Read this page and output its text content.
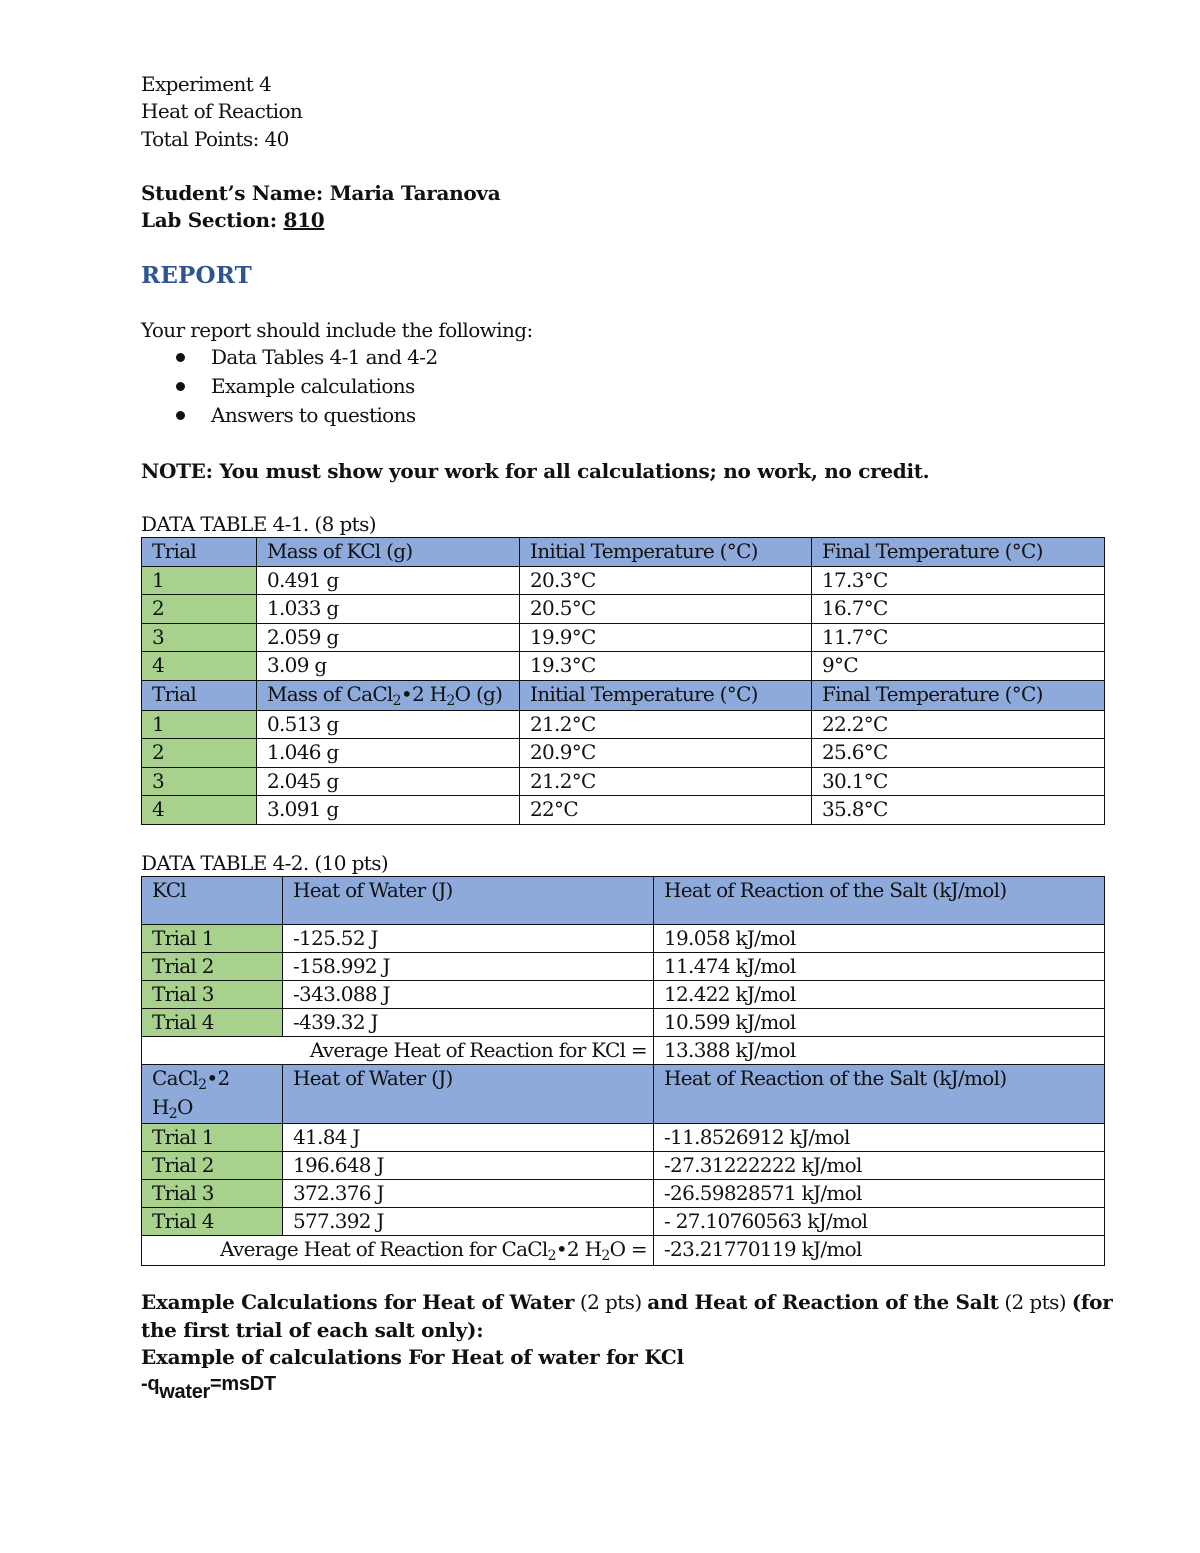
Experiment 4
Heat of Reaction
Total Points: 40
Student’s Name: Maria Taranova
Lab Section: 810
REPORT
Your report should include the following:
Data Tables 4-1 and 4-2
Example calculations
Answers to questions
NOTE: You must show your work for all calculations; no work, no credit.
DATA TABLE 4-1. (8 pts)
Trial	Mass of KCl (g)	Initial Temperature (°C)	Final Temperature (°C)
1	0.491 g	20.3°C	17.3°C
2	1.033 g	20.5°C	16.7°C
3	2.059 g	19.9°C	11.7°C
4	3.09 g	19.3°C	9°C
Trial	Mass of CaCl$_2$•2 $H_2O$ (g)	Initial Temperature (°C)	Final Temperature (°C)
1	0.513 g	21.2°C	22.2°C
2	1.046 g	20.9°C	25.6°C
3	2.045 g	21.2°C	30.1°C
4	3.091 g	22°C	35.8°C
DATA TABLE 4-2. (10 pts)
KCl	Heat of Water (J)	Heat of Reaction of the Salt (kJ/mol)
Trial 1	-125.52 J	19.058 kJ/mol
Trial 2	-158.992 J	11.474 kJ/mol
Trial 3	-343.088 J	12.422 kJ/mol
Trial 4	-439.32 J	10.599 kJ/mol
Average Heat of Reaction for KCl =		13.388 kJ/mol
CaCl$_2$•2
$H_2O$	Heat of Water (J)	Heat of Reaction of the Salt (kJ/mol)
Trial 1	41.84 J	-11.8526912 kJ/mol
Trial 2	196.648 J	-27.31222222 kJ/mol
Trial 3	372.376 J	-26.59828571 kJ/mol
Trial 4	577.392 J	- 27.10760563 kJ/mol
Average Heat of Reaction for CaCl$_2$•2 $H_2O$ =		-23.21770119 kJ/mol
Example Calculations for Heat of Water (2 pts) and Heat of Reaction of the Salt (2 pts) (for
the first trial of each salt only):
Example of calculations For Heat of water for KCl
-qwater=msDT
